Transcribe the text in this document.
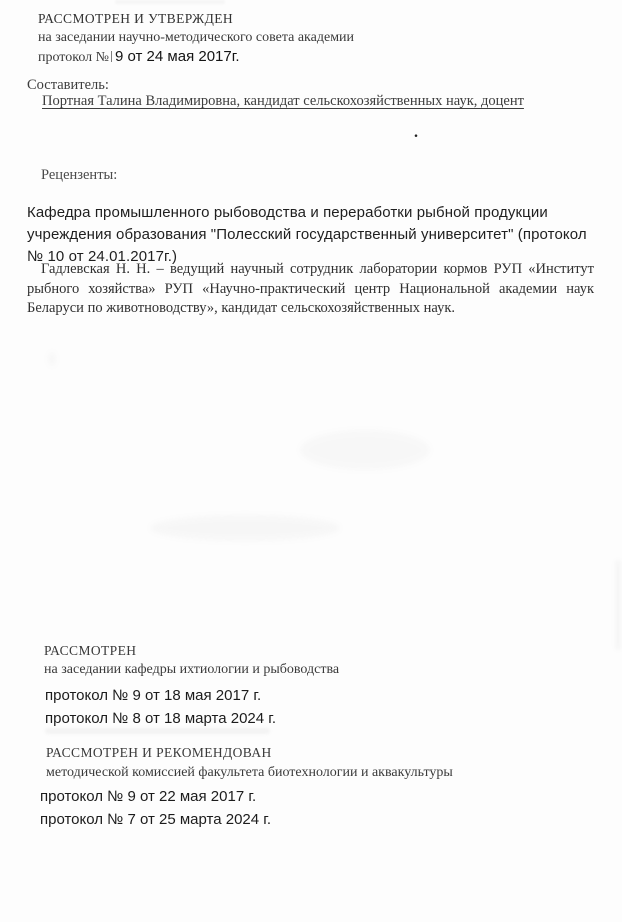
РАССМОТРЕН И УТВЕРЖДЕН
на заседании научно-методического совета академии
протокол № 9 от 24 мая 2017г.
Составитель:
Портная Талина Владимировна, кандидат сельскохозяйственных наук, доцент
.
Рецензенты:
Кафедра промышленного рыбоводства и переработки рыбной продукции учреждения образования "Полесский государственный университет" (протокол № 10 от 24.01.2017г.)
Гадлевская Н. Н. – ведущий научный сотрудник лаборатории кормов РУП «Институт рыбного хозяйства» РУП «Научно-практический центр Национальной академии наук Беларуси по животноводству», кандидат сельскохозяйственных наук.
РАССМОТРЕН
на заседании кафедры ихтиологии и рыбоводства
протокол № 9 от 18 мая 2017 г.
протокол № 8 от 18 марта 2024 г.
РАССМОТРЕН И РЕКОМЕНДОВАН
методической комиссией факультета биотехнологии и аквакультуры
протокол № 9 от 22 мая 2017 г.
протокол № 7 от 25 марта 2024 г.
